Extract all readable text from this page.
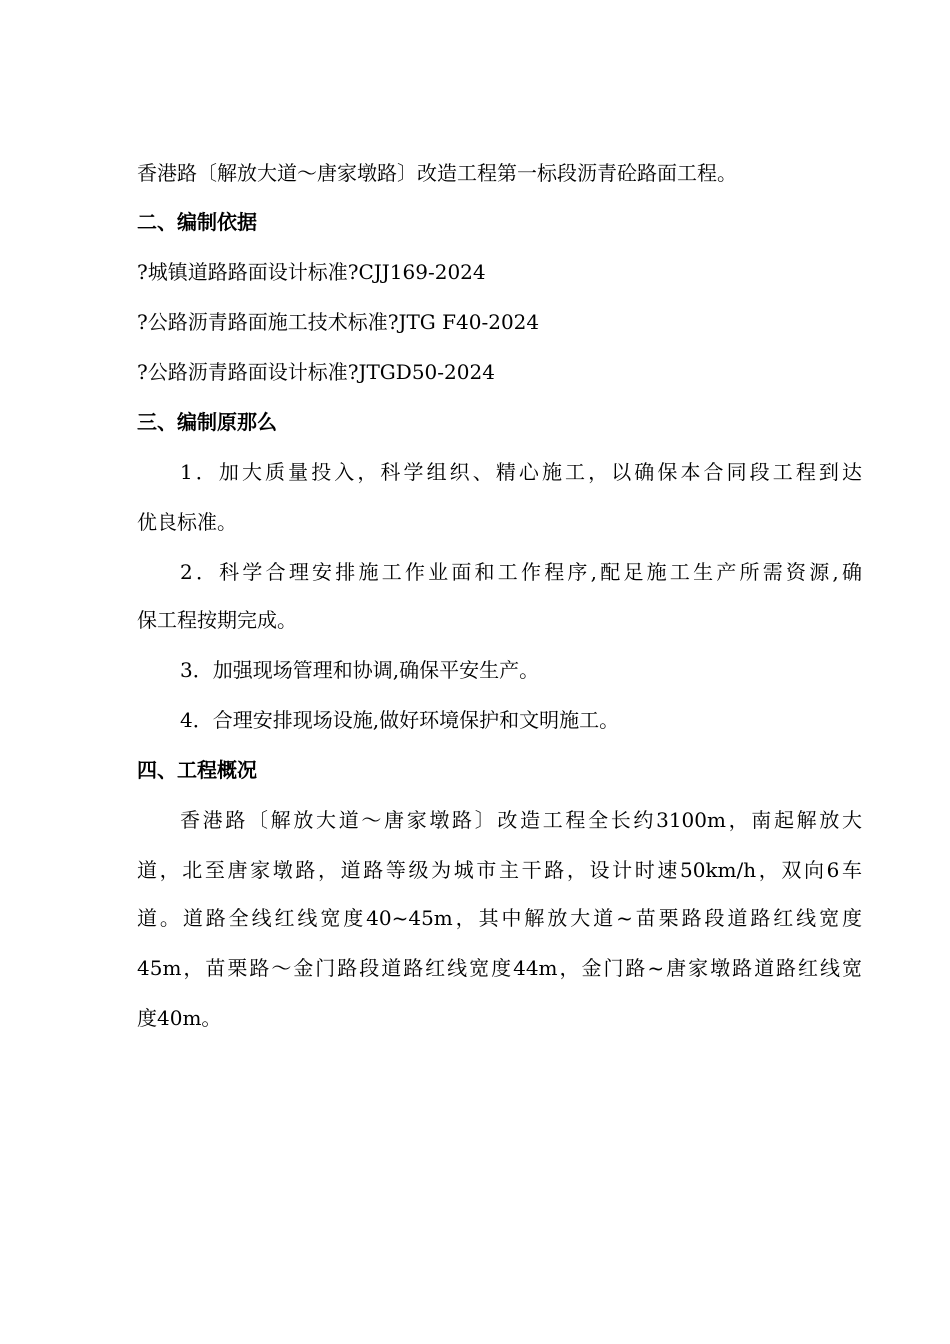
香港路〔解放大道～唐家墩路〕改造工程第一标段沥青砼路面工程。
二、编制依据
?城镇道路路面设计标准?CJJ169-2024
?公路沥青路面施工技术标准?JTG F40-2024
?公路沥青路面设计标准?JTGD50-2024
三、编制原那么
1．加大质量投入，科学组织、精心施工，以确保本合同段工程到达
优良标准。
2．科学合理安排施工作业面和工作程序,配足施工生产所需资源,确
保工程按期完成。
3．加强现场管理和协调,确保平安生产。
4．合理安排现场设施,做好环境保护和文明施工。
四、工程概况
香港路〔解放大道～唐家墩路〕改造工程全长约3100m，南起解放大
道，北至唐家墩路，道路等级为城市主干路，设计时速50km/h，双向6车
道。道路全线红线宽度40~45m，其中解放大道~苗栗路段道路红线宽度
45m，苗栗路～金门路段道路红线宽度44m，金门路~唐家墩路道路红线宽
度40m。
